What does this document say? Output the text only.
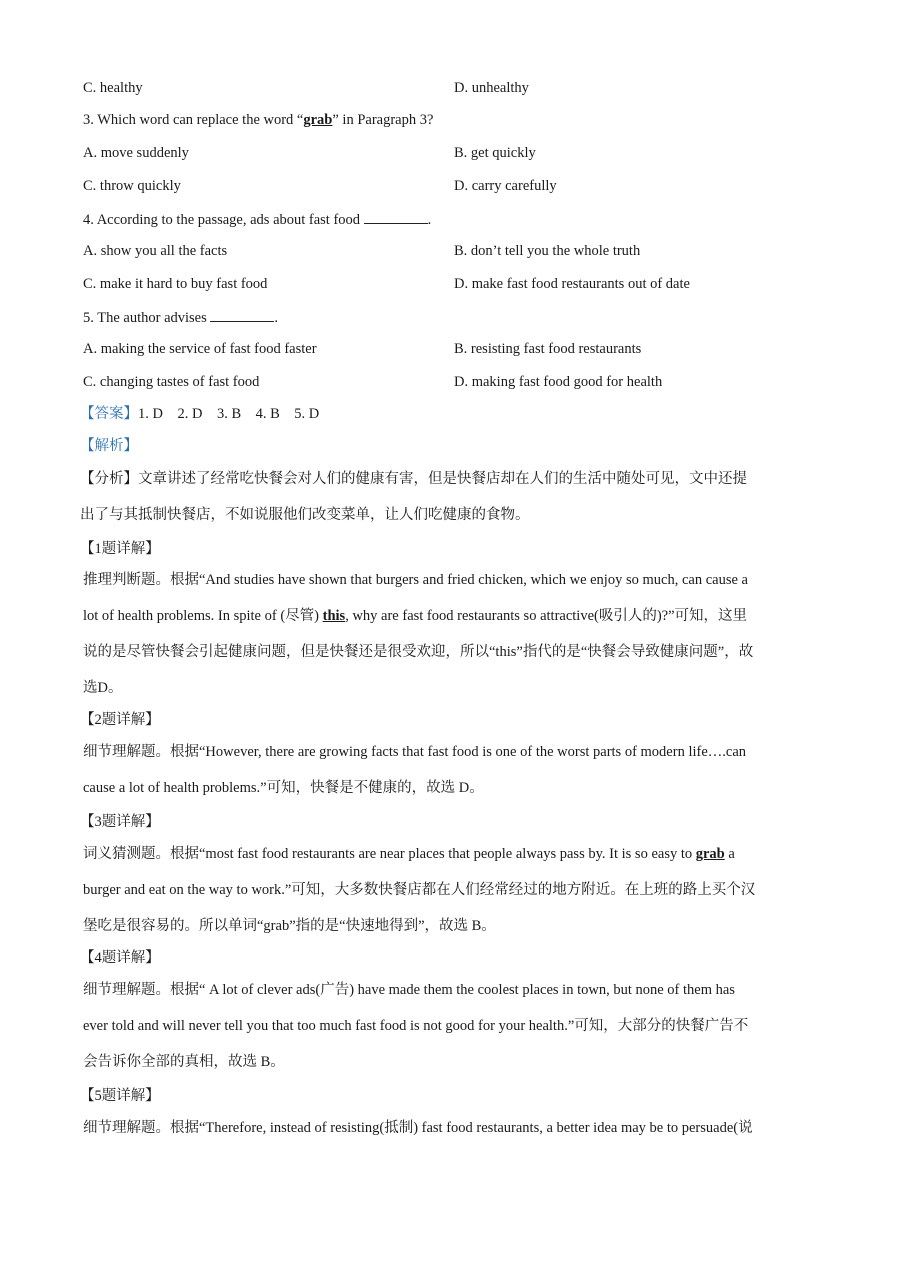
C. healthy	D. unhealthy
3. Which word can replace the word “grab” in Paragraph 3?
A. move suddenly	B. get quickly
C. throw quickly	D. carry carefully
4. According to the passage, ads about fast food	.
A. show you all the facts	B. don’t tell you the whole truth
C. make it hard to buy fast food	D. make fast food restaurants out of date
5. The author advises	.
A. making the service of fast food faster	B. resisting fast food restaurants
C. changing tastes of fast food	D. making fast food good for health
【答案】1. D    2. D    3. B    4. B    5. D
【解析】
【分析】文章讲述了经常吃快餐会对人们的健康有害，但是快餐店却在人们的生活中随处可见，文中还提
出了与其抵制快餐店，不如说服他们改变菜单，让人们吃健康的食物。
【1题详解】
推理判断题。根据“And studies have shown that burgers and fried chicken, which we enjoy so much, can cause a
lot of health problems. In spite of (尽管) this, why are fast food restaurants so attractive(吸引人的)?”可知，这里
说的是尽管快餐会引起健康问题，但是快餐还是很受欢迎，所以“this”指代的是“快餐会导致健康问题”，故
选D。
【2题详解】
细节理解题。根据“However, there are growing facts that fast food is one of the worst parts of modern life….can
cause a lot of health problems.”可知，快餐是不健康的，故选 D。
【3题详解】
词义猜测题。根据“most fast food restaurants are near places that people always pass by. It is so easy to grab a
burger and eat on the way to work.”可知，大多数快餐店都在人们经常经过的地方附近。在上班的路上买个汉
堡吃是很容易的。所以单词“grab”指的是“快速地得到”，故选 B。
【4题详解】
细节理解题。根据“ A lot of clever ads(广告) have made them the coolest places in town, but none of them has
ever told and will never tell you that too much fast food is not good for your health.”可知，大部分的快餐广告不
会告诉你全部的真相，故选 B。
【5题详解】
细节理解题。根据“Therefore, instead of resisting(抵制) fast food restaurants, a better idea may be to persuade(说
